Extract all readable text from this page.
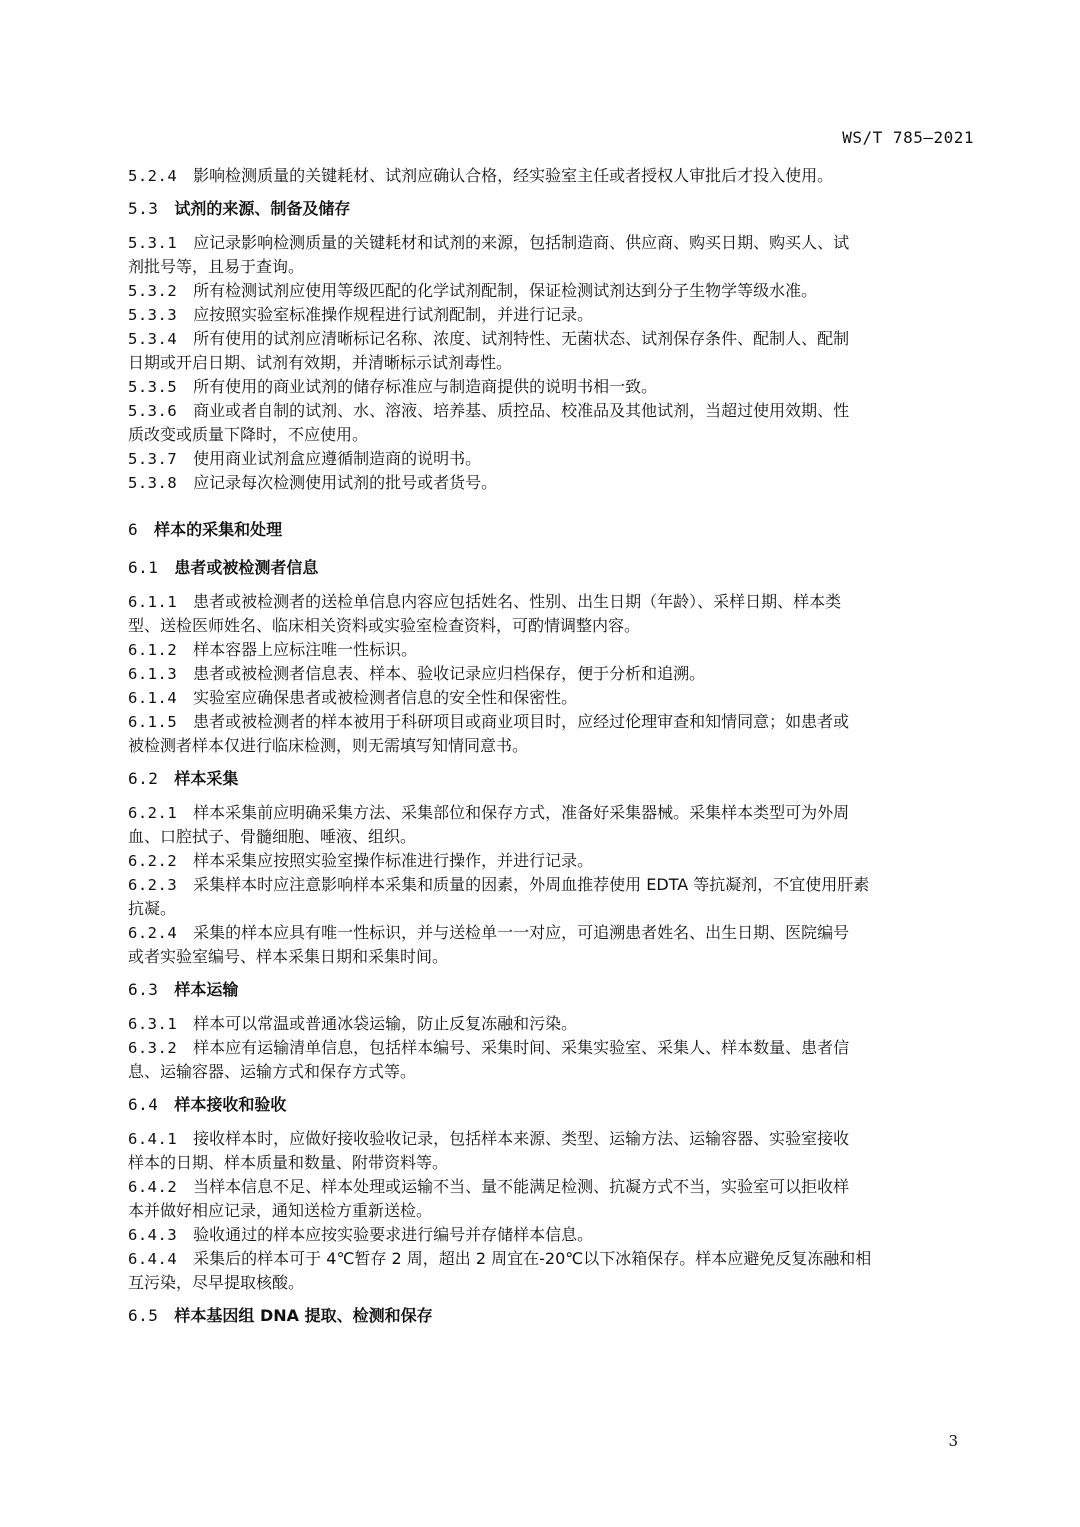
WS/T 785—2021

5.2.4 影响检测质量的关键耗材、试剂应确认合格，经实验室主任或者授权人审批后才投入使用。

5.3 试剂的来源、制备及储存

5.3.1 应记录影响检测质量的关键耗材和试剂的来源，包括制造商、供应商、购买日期、购买人、试

剂批号等，且易于查询。

5.3.2 所有检测试剂应使用等级匹配的化学试剂配制，保证检测试剂达到分子生物学等级水准。

5.3.3 应按照实验室标准操作规程进行试剂配制，并进行记录。

5.3.4 所有使用的试剂应清晰标记名称、浓度、试剂特性、无菌状态、试剂保存条件、配制人、配制

日期或开启日期、试剂有效期，并清晰标示试剂毒性。

5.3.5 所有使用的商业试剂的储存标准应与制造商提供的说明书相一致。

5.3.6 商业或者自制的试剂、水、溶液、培养基、质控品、校准品及其他试剂，当超过使用效期、性

质改变或质量下降时，不应使用。

5.3.7 使用商业试剂盒应遵循制造商的说明书。

5.3.8 应记录每次检测使用试剂的批号或者货号。

6 样本的采集和处理
6.1 患者或被检测者信息

6.1.1 患者或被检测者的送检单信息内容应包括姓名、性别、出生日期（年龄）、采样日期、样本类

型、送检医师姓名、临床相关资料或实验室检查资料，可酌情调整内容。

6.1.2 样本容器上应标注唯一性标识。

6.1.3 患者或被检测者信息表、样本、验收记录应归档保存，便于分析和追溯。

6.1.4 实验室应确保患者或被检测者信息的安全性和保密性。

6.1.5 患者或被检测者的样本被用于科研项目或商业项目时，应经过伦理审查和知情同意；如患者或

被检测者样本仅进行临床检测，则无需填写知情同意书。

6.2 样本采集

6.2.1 样本采集前应明确采集方法、采集部位和保存方式，准备好采集器械。采集样本类型可为外周

血、口腔拭子、骨髓细胞、唾液、组织。

6.2.2 样本采集应按照实验室操作标准进行操作，并进行记录。

6.2.3 采集样本时应注意影响样本采集和质量的因素，外周血推荐使用 EDTA 等抗凝剂，不宜使用肝素

抗凝。

6.2.4 采集的样本应具有唯一性标识，并与送检单一一对应，可追溯患者姓名、出生日期、医院编号

或者实验室编号、样本采集日期和采集时间。

6.3 样本运输

6.3.1 样本可以常温或普通冰袋运输，防止反复冻融和污染。

6.3.2 样本应有运输清单信息，包括样本编号、采集时间、采集实验室、采集人、样本数量、患者信

息、运输容器、运输方式和保存方式等。

6.4 样本接收和验收

6.4.1 接收样本时，应做好接收验收记录，包括样本来源、类型、运输方法、运输容器、实验室接收

样本的日期、样本质量和数量、附带资料等。

6.4.2 当样本信息不足、样本处理或运输不当、量不能满足检测、抗凝方式不当，实验室可以拒收样

本并做好相应记录，通知送检方重新送检。

6.4.3 验收通过的样本应按实验要求进行编号并存储样本信息。

6.4.4 采集后的样本可于 4℃暂存 2 周，超出 2 周宜在-20℃以下冰箱保存。样本应避免反复冻融和相

互污染，尽早提取核酸。

6.5 样本基因组 DNA 提取、检测和保存
3
